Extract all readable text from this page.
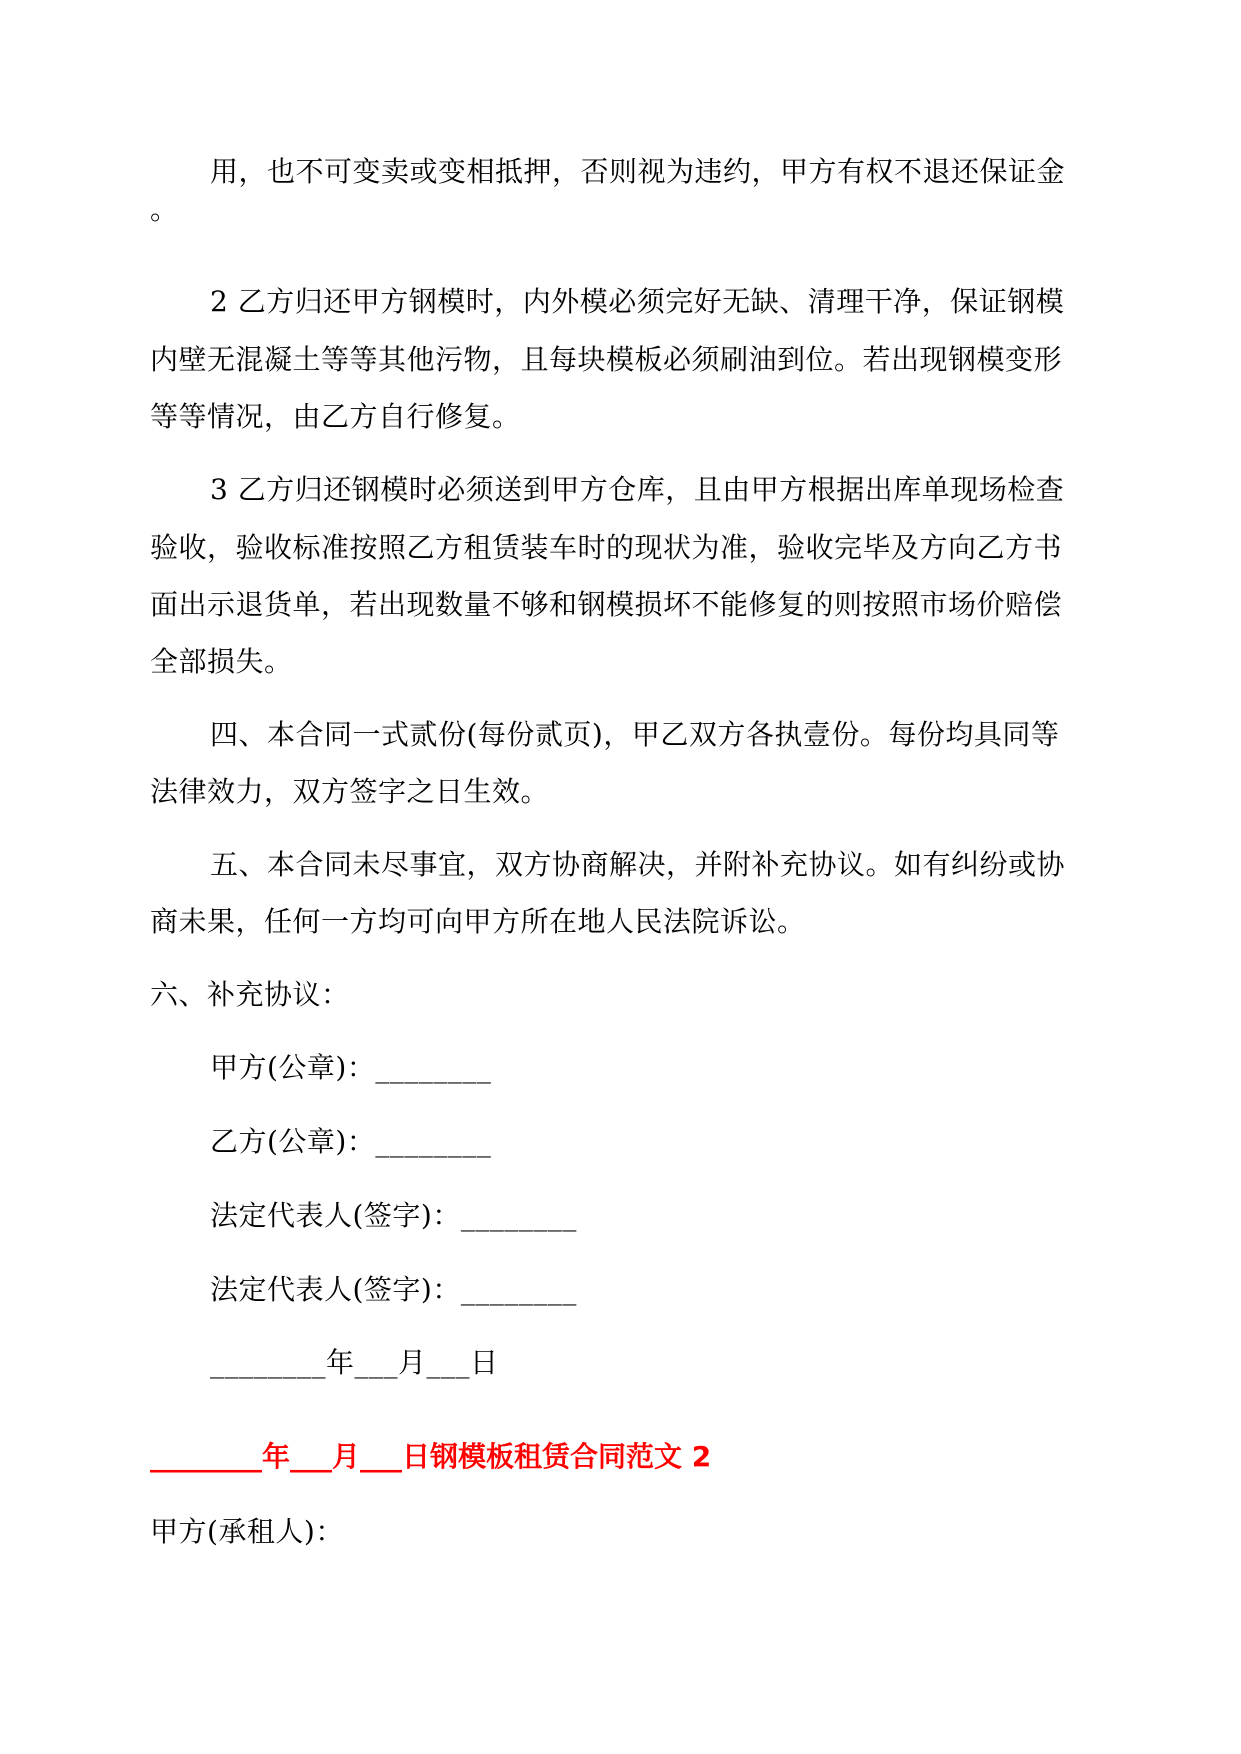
用，也不可变卖或变相抵押，否则视为违约，甲方有权不退还保证金
。
2 乙方归还甲方钢模时，内外模必须完好无缺、清理干净，保证钢模
内壁无混凝土等等其他污物，且每块模板必须刷油到位。若出现钢模变形
等等情况，由乙方自行修复。
3 乙方归还钢模时必须送到甲方仓库，且由甲方根据出库单现场检查
验收，验收标准按照乙方租赁装车时的现状为准，验收完毕及方向乙方书
面出示退货单，若出现数量不够和钢模损坏不能修复的则按照市场价赔偿
全部损失。
四、本合同一式贰份(每份贰页)，甲乙双方各执壹份。每份均具同等
法律效力，双方签字之日生效。
五、本合同未尽事宜，双方协商解决，并附补充协议。如有纠纷或协
商未果，任何一方均可向甲方所在地人民法院诉讼。
六、补充协议：
甲方(公章)：________
乙方(公章)：________
法定代表人(签字)：________
法定代表人(签字)：________
________年___月___日
________年___月___日钢模板租赁合同范文 2
甲方(承租人)：
